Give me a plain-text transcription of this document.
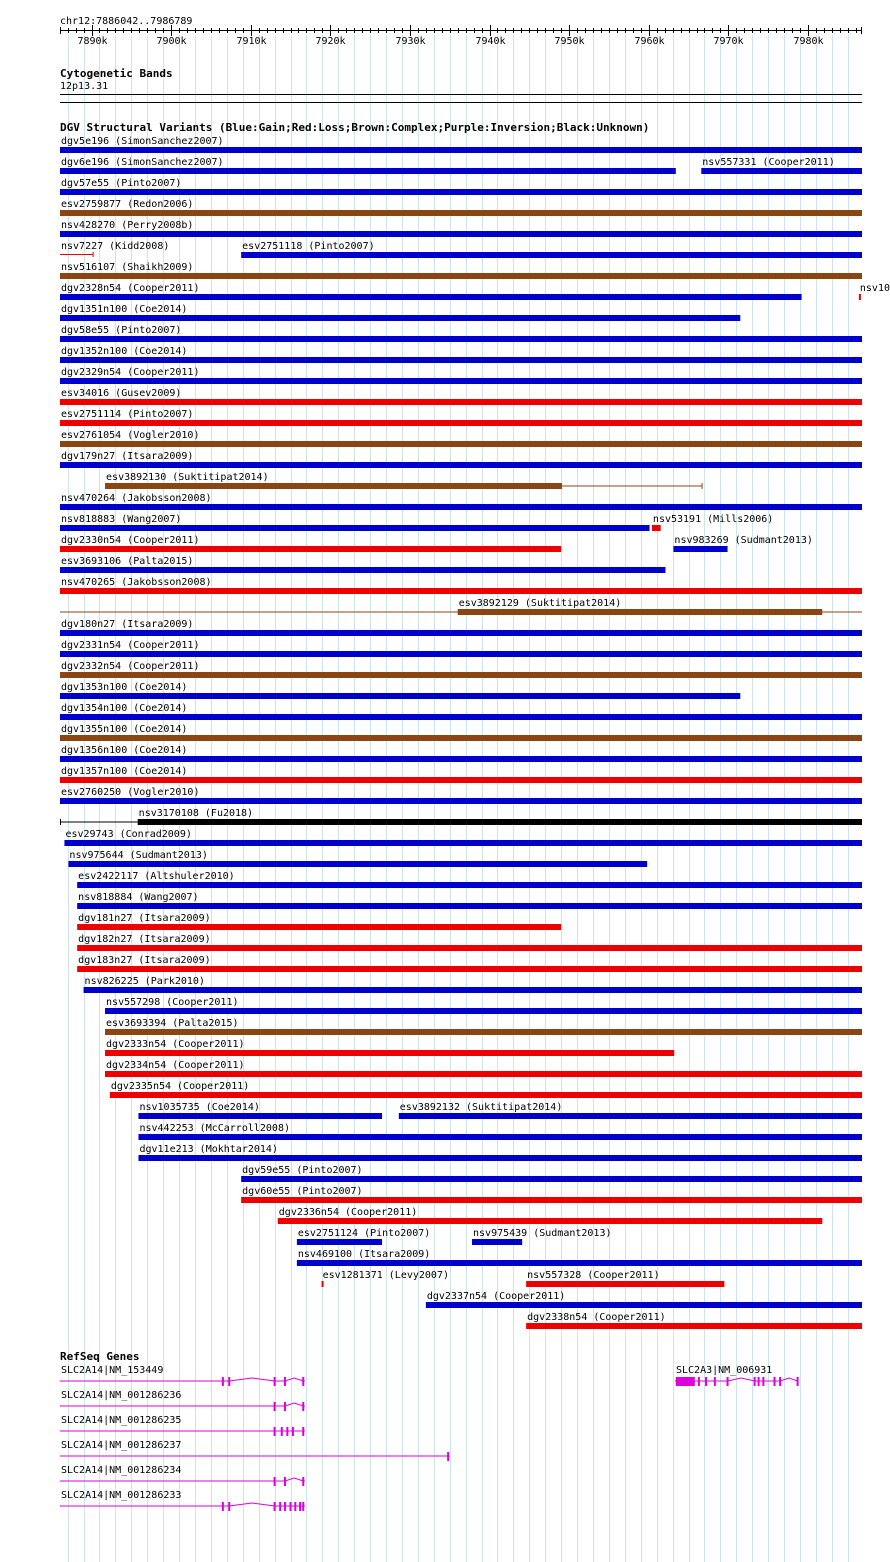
chr12:7886042..7986789
7890k	7900k	7910k	7920k	7930k	7940k	7950k	7960k	7970k	7980k
Cytogenetic Bands
12p13.31
DGV Structural Variants (Blue:Gain;Red:Loss;Brown:Complex;Purple:Inversion;Black:Unknown)
dgv5e196 (SimonSanchez2007)
dgv6e196 (SimonSanchez2007)	nsv557331 (Cooper2011)
dgv57e55 (Pinto2007)
esv2759877 (Redon2006)
nsv428270 (Perry2008b)
nsv7227 (Kidd2008)	esv2751118 (Pinto2007)
nsv516107 (Shaikh2009)
dgv2328n54 (Cooper2011)	nsv10
dgv1351n100 (Coe2014)
dgv58e55 (Pinto2007)
dgv1352n100 (Coe2014)
dgv2329n54 (Cooper2011)
esv34016 (Gusev2009)
esv2751114 (Pinto2007)
esv2761054 (Vogler2010)
dgv179n27 (Itsara2009)
esv3892130 (Suktitipat2014)
nsv470264 (Jakobsson2008)
nsv818883 (Wang2007)	nsv53191 (Mills2006)
dgv2330n54 (Cooper2011)	nsv983269 (Sudmant2013)
esv3693106 (Palta2015)
nsv470265 (Jakobsson2008)
esv3892129 (Suktitipat2014)
dgv180n27 (Itsara2009)
dgv2331n54 (Cooper2011)
dgv2332n54 (Cooper2011)
dgv1353n100 (Coe2014)
dgv1354n100 (Coe2014)
dgv1355n100 (Coe2014)
dgv1356n100 (Coe2014)
dgv1357n100 (Coe2014)
esv2760250 (Vogler2010)
nsv3170108 (Fu2018)
esv29743 (Conrad2009)
nsv975644 (Sudmant2013)
esv2422117 (Altshuler2010)
nsv818884 (Wang2007)
dgv181n27 (Itsara2009)
dgv182n27 (Itsara2009)
dgv183n27 (Itsara2009)
nsv826225 (Park2010)
nsv557298 (Cooper2011)
esv3693394 (Palta2015)
dgv2333n54 (Cooper2011)
dgv2334n54 (Cooper2011)
dgv2335n54 (Cooper2011)
nsv1035735 (Coe2014)	esv3892132 (Suktitipat2014)
nsv442253 (McCarroll2008)
dgv11e213 (Mokhtar2014)
dgv59e55 (Pinto2007)
dgv60e55 (Pinto2007)
dgv2336n54 (Cooper2011)
esv2751124 (Pinto2007)	nsv975439 (Sudmant2013)
nsv469100 (Itsara2009)
esv1281371 (Levy2007)	nsv557328 (Cooper2011)
dgv2337n54 (Cooper2011)
dgv2338n54 (Cooper2011)
RefSeq Genes
SLC2A14|NM_153449	SLC2A3|NM_006931
SLC2A14|NM_001286236
SLC2A14|NM_001286235
SLC2A14|NM_001286237
SLC2A14|NM_001286234
SLC2A14|NM_001286233
